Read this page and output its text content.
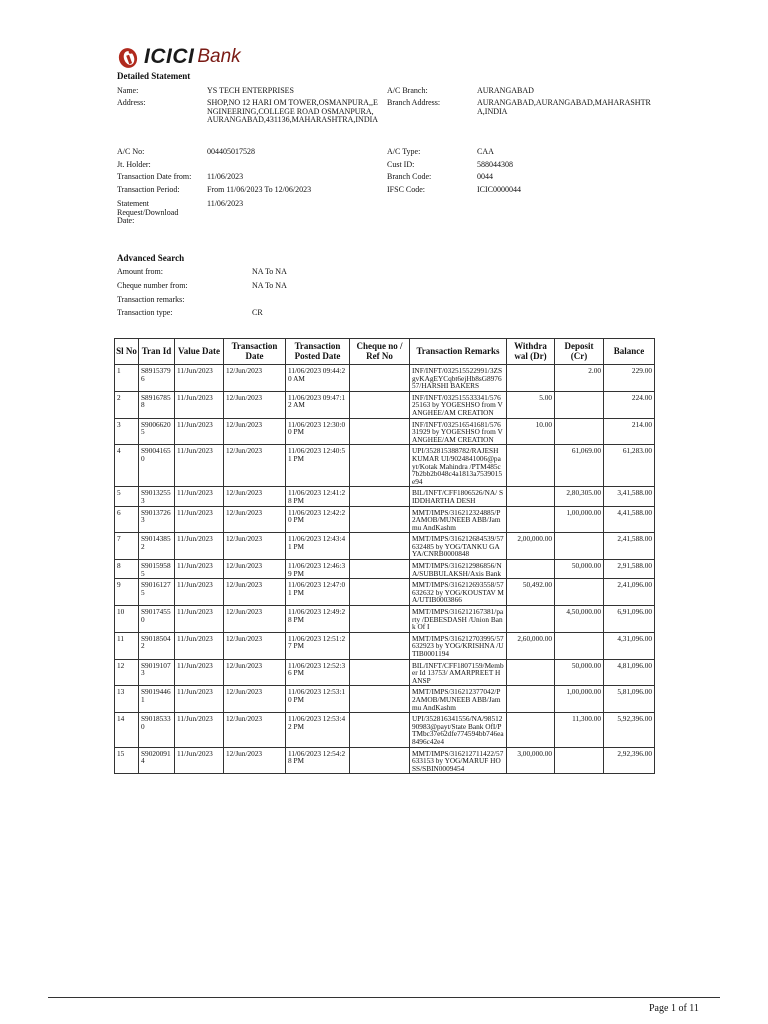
ICICI Bank
Detailed Statement
Name:	YS TECH ENTERPRISES
Address:	SHOP,NO 12 HARI OM TOWER,OSMANPURA,,ENGINEERING,COLLEGE ROAD OSMANPURA,AURANGABAD,431136,MAHARASHTRA,INDIA
A/C No:	004405017528
Jt. Holder:
Transaction Date from:	11/06/2023
Transaction Period:	From 11/06/2023 To 12/06/2023
Statement Request/Download Date:
11/06/2023
A/C Branch:	AURANGABAD
Branch Address:	AURANGABAD,AURANGABAD,MAHARASHTRA,INDIA
A/C Type:	CAA
Cust ID:	588044308
Branch Code:	0044
IFSC Code:	ICIC0000044
Advanced Search
Amount from:	NA To NA
Cheque number from:	NA To NA
Transaction remarks:
Transaction type:	CR
Sl No	Tran Id	Value Date	Transaction Date	Transaction Posted Date	Cheque no / Ref No	Transaction Remarks	Withdra wal (Dr)	Deposit (Cr)	Balance
1	S89153796	11/Jun/2023	12/Jun/2023	11/06/2023 09:44:20 AM		INF/INFT/032515522991/3ZSgvKAgEYCqbt6ejHb8sG897657/HARSHI BAKERS		2.00	229.00
2	S89167858	11/Jun/2023	12/Jun/2023	11/06/2023 09:47:12 AM		INF/INFT/032515533341/57625163 by YOGESHSO from VANGHEE/AM CREATION	5.00		224.00
3	S90066205	11/Jun/2023	12/Jun/2023	11/06/2023 12:30:00 PM		INF/INFT/032516541681/57631929 by YOGESHSO from VANGHEE/AM CREATION	10.00		214.00
4	S90041650	11/Jun/2023	12/Jun/2023	11/06/2023 12:40:51 PM		UPI/352815388782/RAJESH KUMAR UI/9024841006@payt/Kotak Mahindra /PTM485c7b2bb2b048c4a1813a7539015e94		61,069.00	61,283.00
5	S90132553	11/Jun/2023	12/Jun/2023	11/06/2023 12:41:28 PM		BIL/INFT/CFF1806526/NA/ SIDDHARTHA DESH		2,80,305.00	3,41,588.00
6	S90137263	11/Jun/2023	12/Jun/2023	11/06/2023 12:42:20 PM		MMT/IMPS/316212324885/P2AMOB/MUNEEB ABB/Jammu AndKashm		1,00,000.00	4,41,588.00
7	S90143852	11/Jun/2023	12/Jun/2023	11/06/2023 12:43:41 PM		MMT/IMPS/316212684539/57632485 by YOG/TANKU GAYA/CNRB0000848	2,00,000.00		2,41,588.00
8	S90159585	11/Jun/2023	12/Jun/2023	11/06/2023 12:46:39 PM		MMT/IMPS/316212986856/NA/SUBBULAKSH/Axis Bank		50,000.00	2,91,588.00
9	S90161275	11/Jun/2023	12/Jun/2023	11/06/2023 12:47:01 PM		MMT/IMPS/316212693558/57632632 by YOG/KOUSTAV MA/UTIB0003866	50,492.00		2,41,096.00
10	S90174550	11/Jun/2023	12/Jun/2023	11/06/2023 12:49:28 PM		MMT/IMPS/316212167381/party /DEBESDASH /Union Bank Of I		4,50,000.00	6,91,096.00
11	S90185042	11/Jun/2023	12/Jun/2023	11/06/2023 12:51:27 PM		MMT/IMPS/316212703995/57632923 by YOG/KRISHNA /UTIB0001194	2,60,000.00		4,31,096.00
12	S90191073	11/Jun/2023	12/Jun/2023	11/06/2023 12:52:36 PM		BIL/INFT/CFF1807159/Member Id 13753/ AMARPREET HANSP		50,000.00	4,81,096.00
13	S90194461	11/Jun/2023	12/Jun/2023	11/06/2023 12:53:10 PM		MMT/IMPS/316212377042/P2AMOB/MUNEEB ABB/Jammu AndKashm		1,00,000.00	5,81,096.00
14	S90185330	11/Jun/2023	12/Jun/2023	11/06/2023 12:53:42 PM		UPI/352816341556/NA/9851290983@payt/State Bank OfI/PTMbc37e62dfe774594bb746ea8496c42e4		11,300.00	5,92,396.00
15	S90200914	11/Jun/2023	12/Jun/2023	11/06/2023 12:54:28 PM		MMT/IMPS/316212711422/57633153 by YOG/MARUF HOSS/SBIN0009454	3,00,000.00		2,92,396.00
Page 1 of 11
